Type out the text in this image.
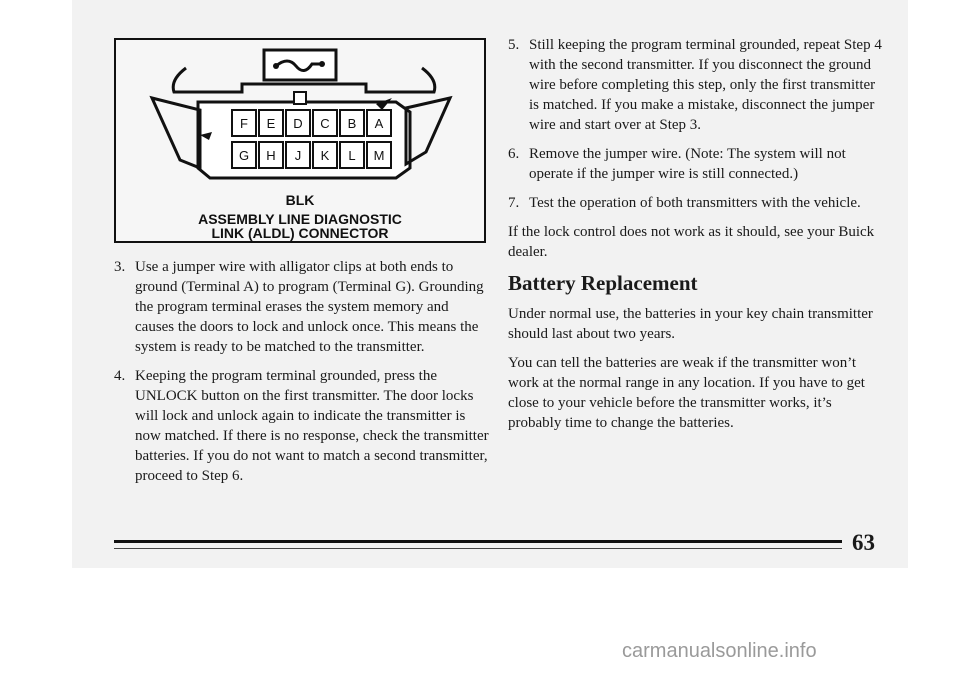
F E D C B A
G H J K L M
BLK
ASSEMBLY LINE DIAGNOSTIC
LINK (ALDL) CONNECTOR
3. Use a jumper wire with alligator clips at both ends to ground (Terminal A) to program (Terminal G). Grounding the program terminal erases the system memory and causes the doors to lock and unlock once. This means the system is ready to be matched to the transmitter.
4. Keeping the program terminal grounded, press the UNLOCK button on the first transmitter. The door locks will lock and unlock again to indicate the transmitter is now matched. If there is no response, check the transmitter batteries. If you do not want to match a second transmitter, proceed to Step 6.
5. Still keeping the program terminal grounded, repeat Step 4 with the second transmitter. If you disconnect the ground wire before completing this step, only the first transmitter is matched. If you make a mistake, disconnect the jumper wire and start over at Step 3.
6. Remove the jumper wire. (Note: The system will not operate if the jumper wire is still connected.)
7. Test the operation of both transmitters with the vehicle.

If the lock control does not work as it should, see your Buick dealer.

Battery Replacement

Under normal use, the batteries in your key chain transmitter should last about two years.

You can tell the batteries are weak if the transmitter won’t work at the normal range in any location. If you have to get close to your vehicle before the transmitter works, it’s probably time to change the batteries.

63
carmanualsonline.info
